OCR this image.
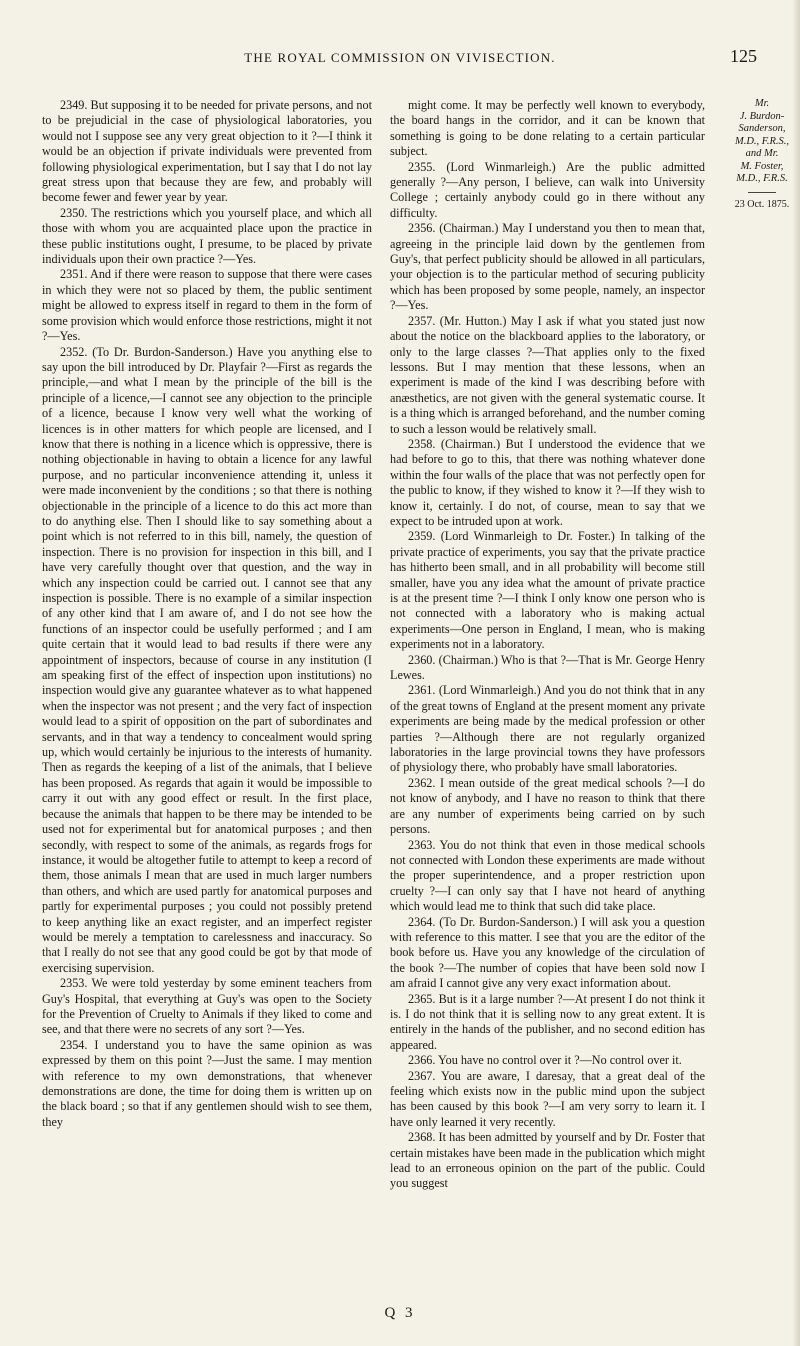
THE ROYAL COMMISSION ON VIVISECTION.	125

2349. But supposing it to be needed for private persons, and not to be prejudicial in the case of physiological laboratories, you would not I suppose see any very great objection to it ?—I think it would be an objection if private individuals were prevented from following physiological experimentation, but I say that I do not lay great stress upon that because they are few, and probably will become fewer and fewer year by year.

2350. The restrictions which you yourself place, and which all those with whom you are acquainted place upon the practice in these public institutions ought, I presume, to be placed by private individuals upon their own practice ?—Yes.

2351. And if there were reason to suppose that there were cases in which they were not so placed by them, the public sentiment might be allowed to express itself in regard to them in the form of some provision which would enforce those restrictions, might it not ?—Yes.

2352. (To Dr. Burdon-Sanderson.) Have you anything else to say upon the bill introduced by Dr. Playfair ?—First as regards the principle,—and what I mean by the principle of the bill is the principle of a licence,—I cannot see any objection to the principle of a licence, because I know very well what the working of licences is in other matters for which people are licensed, and I know that there is nothing in a licence which is oppressive, there is nothing objectionable in having to obtain a licence for any lawful purpose, and no particular inconvenience attending it, unless it were made inconvenient by the conditions ; so that there is nothing objectionable in the principle of a licence to do this act more than to do anything else. Then I should like to say something about a point which is not referred to in this bill, namely, the question of inspection. There is no provision for inspection in this bill, and I have very carefully thought over that question, and the way in which any inspection could be carried out. I cannot see that any inspection is possible. There is no example of a similar inspection of any other kind that I am aware of, and I do not see how the functions of an inspector could be usefully performed ; and I am quite certain that it would lead to bad results if there were any appointment of inspectors, because of course in any institution (I am speaking first of the effect of inspection upon institutions) no inspection would give any guarantee whatever as to what happened when the inspector was not present ; and the very fact of inspection would lead to a spirit of opposition on the part of subordinates and servants, and in that way a tendency to concealment would spring up, which would certainly be injurious to the interests of humanity. Then as regards the keeping of a list of the animals, that I believe has been proposed. As regards that again it would be impossible to carry it out with any good effect or result. In the first place, because the animals that happen to be there may be intended to be used not for experimental but for anatomical purposes ; and then secondly, with respect to some of the animals, as regards frogs for instance, it would be altogether futile to attempt to keep a record of them, those animals I mean that are used in much larger numbers than others, and which are used partly for anatomical purposes and partly for experimental purposes ; you could not possibly pretend to keep anything like an exact register, and an imperfect register would be merely a temptation to carelessness and inaccuracy. So that I really do not see that any good could be got by that mode of exercising supervision.

2353. We were told yesterday by some eminent teachers from Guy's Hospital, that everything at Guy's was open to the Society for the Prevention of Cruelty to Animals if they liked to come and see, and that there were no secrets of any sort ?—Yes.

2354. I understand you to have the same opinion as was expressed by them on this point ?—Just the same. I may mention with reference to my own demonstrations, that whenever demonstrations are done, the time for doing them is written up on the black board ; so that if any gentlemen should wish to see them, they

might come. It may be perfectly well known to everybody, the board hangs in the corridor, and it can be known that something is going to be done relating to a certain particular subject.

2355. (Lord Winmarleigh.) Are the public admitted generally ?—Any person, I believe, can walk into University College ; certainly anybody could go in there without any difficulty.

2356. (Chairman.) May I understand you then to mean that, agreeing in the principle laid down by the gentlemen from Guy's, that perfect publicity should be allowed in all particulars, your objection is to the particular method of securing publicity which has been proposed by some people, namely, an inspector ?—Yes.

2357. (Mr. Hutton.) May I ask if what you stated just now about the notice on the blackboard applies to the laboratory, or only to the large classes ?—That applies only to the fixed lessons. But I may mention that these lessons, when an experiment is made of the kind I was describing before with anæsthetics, are not given with the general systematic course. It is a thing which is arranged beforehand, and the number coming to such a lesson would be relatively small.

2358. (Chairman.) But I understood the evidence that we had before to go to this, that there was nothing whatever done within the four walls of the place that was not perfectly open for the public to know, if they wished to know it ?—If they wish to know it, certainly. I do not, of course, mean to say that we expect to be intruded upon at work.

2359. (Lord Winmarleigh to Dr. Foster.) In talking of the private practice of experiments, you say that the private practice has hitherto been small, and in all probability will become still smaller, have you any idea what the amount of private practice is at the present time ?—I think I only know one person who is not connected with a laboratory who is making actual experiments—One person in England, I mean, who is making experiments not in a laboratory.

2360. (Chairman.) Who is that ?—That is Mr. George Henry Lewes.

2361. (Lord Winmarleigh.) And you do not think that in any of the great towns of England at the present moment any private experiments are being made by the medical profession or other parties ?—Although there are not regularly organized laboratories in the large provincial towns they have professors of physiology there, who probably have small laboratories.

2362. I mean outside of the great medical schools ?—I do not know of anybody, and I have no reason to think that there are any number of experiments being carried on by such persons.

2363. You do not think that even in those medical schools not connected with London these experiments are made without the proper superintendence, and a proper restriction upon cruelty ?—I can only say that I have not heard of anything which would lead me to think that such did take place.

2364. (To Dr. Burdon-Sanderson.) I will ask you a question with reference to this matter. I see that you are the editor of the book before us. Have you any knowledge of the circulation of the book ?—The number of copies that have been sold now I am afraid I cannot give any very exact information about.

2365. But is it a large number ?—At present I do not think it is. I do not think that it is selling now to any great extent. It is entirely in the hands of the publisher, and no second edition has appeared.

2366. You have no control over it ?—No control over it.

2367. You are aware, I daresay, that a great deal of the feeling which exists now in the public mind upon the subject has been caused by this book ?—I am very sorry to learn it. I have only learned it very recently.

2368. It has been admitted by yourself and by Dr. Foster that certain mistakes have been made in the publication which might lead to an erroneous opinion on the part of the public. Could you suggest

Mr.
J. Burdon-
Sanderson,
M.D., F.R.S.,
and Mr.
M. Foster,
M.D., F.R.S.
23 Oct. 1875.
Q 3
